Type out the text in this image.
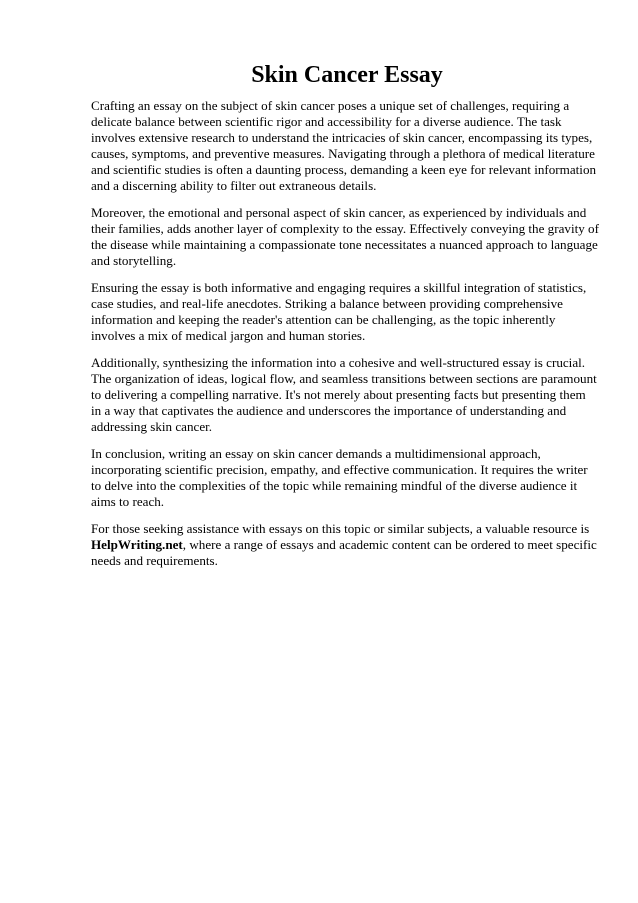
Skin Cancer Essay

Crafting an essay on the subject of skin cancer poses a unique set of challenges, requiring a delicate balance between scientific rigor and accessibility for a diverse audience. The task involves extensive research to understand the intricacies of skin cancer, encompassing its types, causes, symptoms, and preventive measures. Navigating through a plethora of medical literature and scientific studies is often a daunting process, demanding a keen eye for relevant information and a discerning ability to filter out extraneous details.

Moreover, the emotional and personal aspect of skin cancer, as experienced by individuals and their families, adds another layer of complexity to the essay. Effectively conveying the gravity of the disease while maintaining a compassionate tone necessitates a nuanced approach to language and storytelling.

Ensuring the essay is both informative and engaging requires a skillful integration of statistics, case studies, and real-life anecdotes. Striking a balance between providing comprehensive information and keeping the reader's attention can be challenging, as the topic inherently involves a mix of medical jargon and human stories.

Additionally, synthesizing the information into a cohesive and well-structured essay is crucial. The organization of ideas, logical flow, and seamless transitions between sections are paramount to delivering a compelling narrative. It's not merely about presenting facts but presenting them in a way that captivates the audience and underscores the importance of understanding and addressing skin cancer.

In conclusion, writing an essay on skin cancer demands a multidimensional approach, incorporating scientific precision, empathy, and effective communication. It requires the writer to delve into the complexities of the topic while remaining mindful of the diverse audience it aims to reach.

For those seeking assistance with essays on this topic or similar subjects, a valuable resource is HelpWriting.net, where a range of essays and academic content can be ordered to meet specific needs and requirements.
